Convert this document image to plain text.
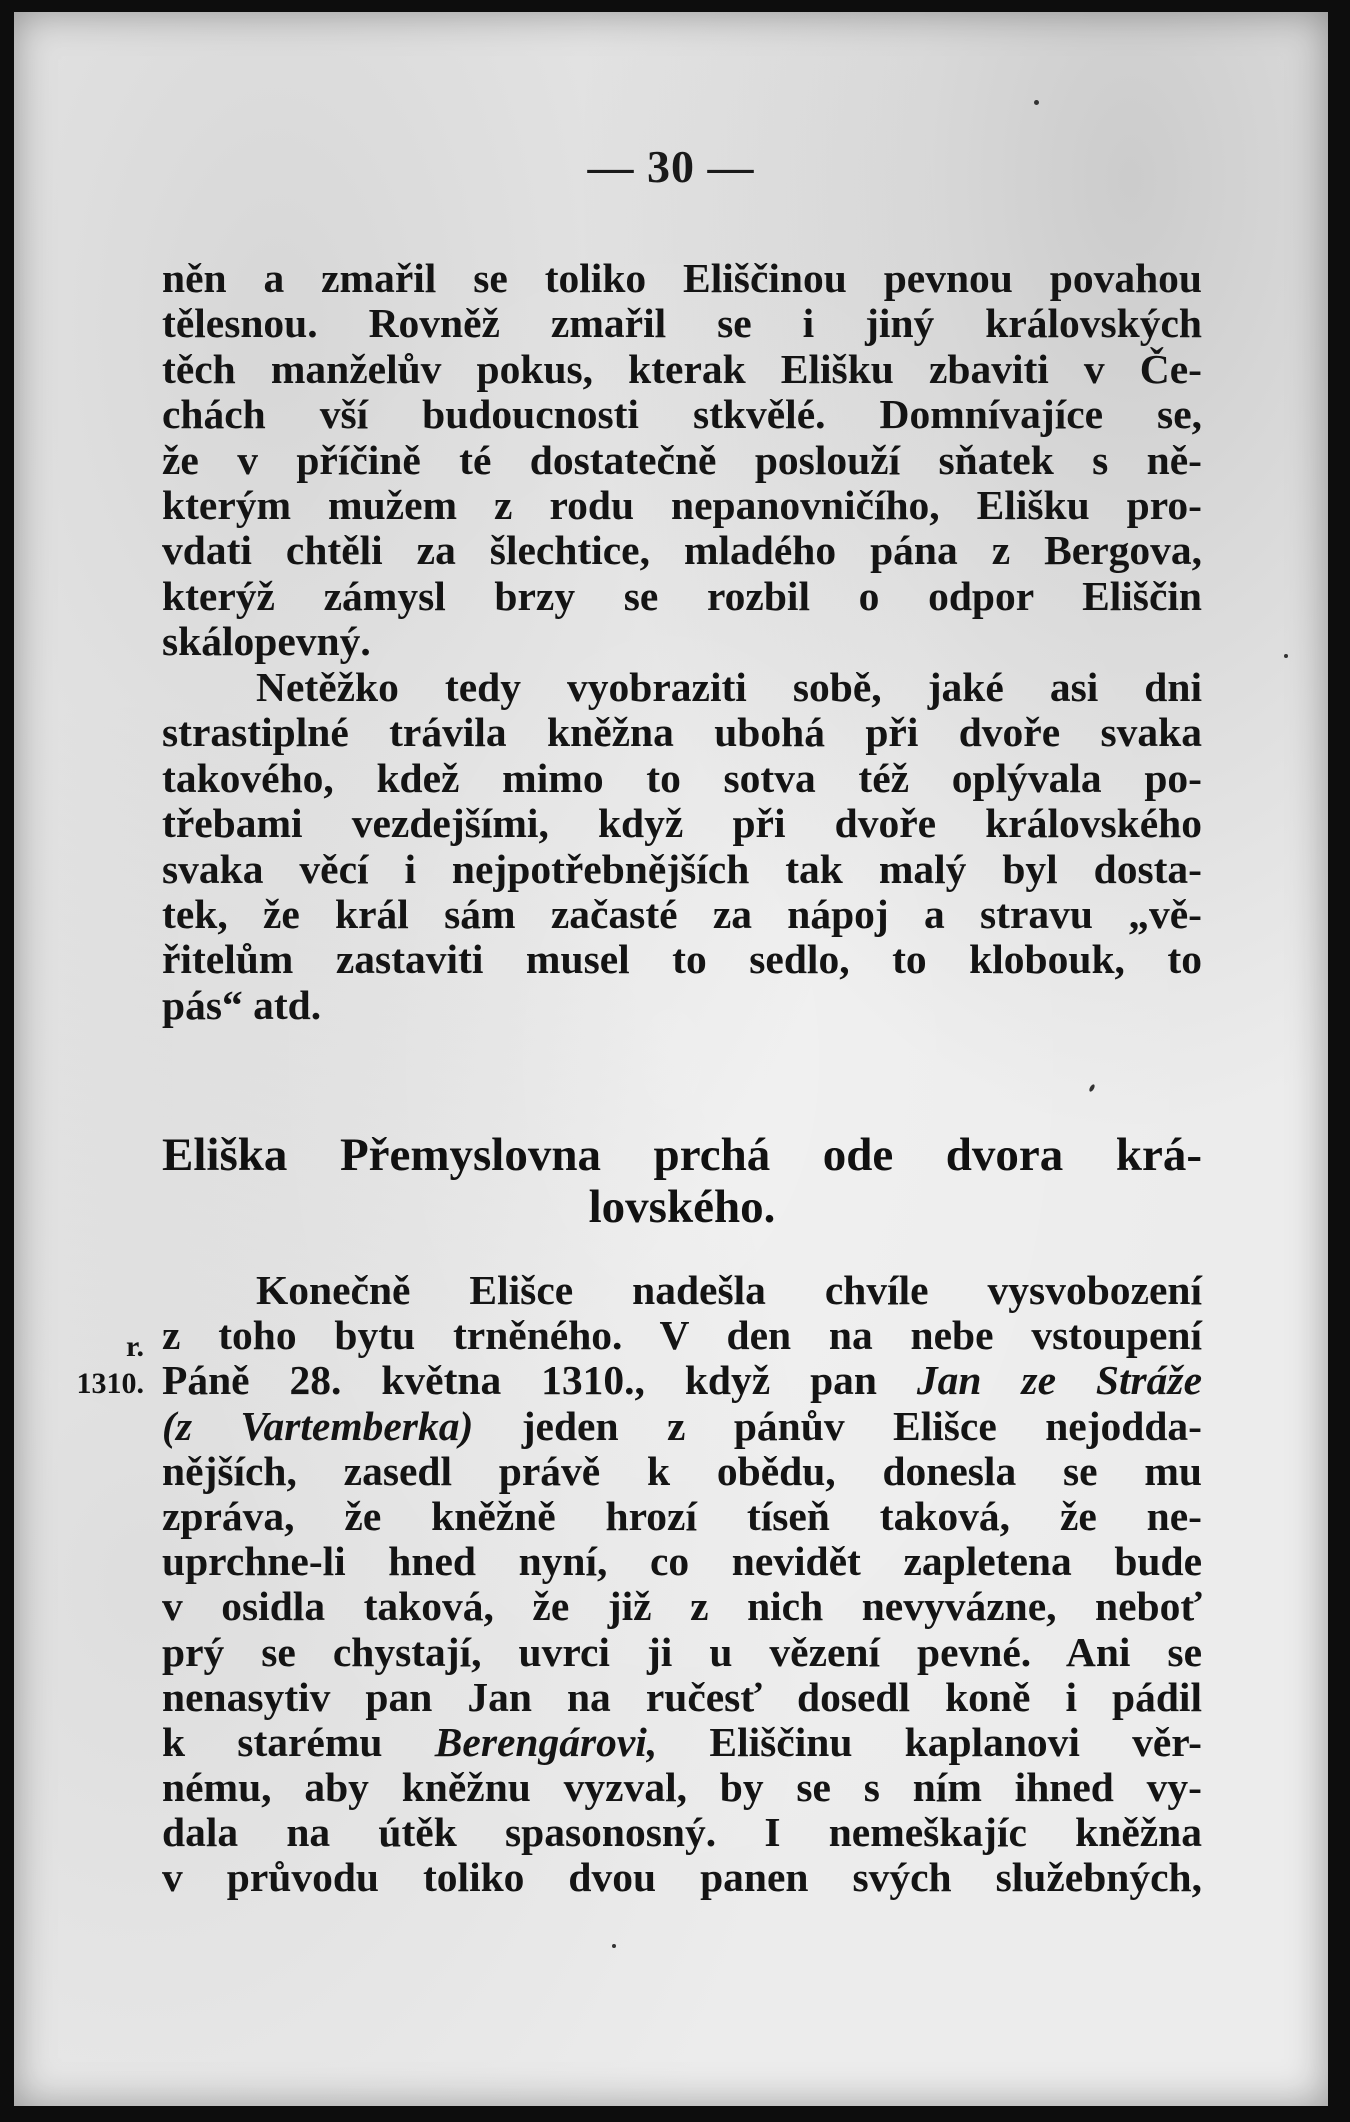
— 30 —
něn a zmařil se toliko Eliščinou pevnou povahou
tělesnou. Rovněž zmařil se i jiný královských
těch manželův pokus, kterak Elišku zbaviti v Če-
chách vší budoucnosti stkvělé. Domnívajíce se,
že v příčině té dostatečně poslouží sňatek s ně-
kterým mužem z rodu nepanovničího, Elišku pro-
vdati chtěli za šlechtice, mladého pána z Bergova,
kterýž zámysl brzy se rozbil o odpor Eliščin
skálopevný.
Netěžko tedy vyobraziti sobě, jaké asi dni
strastiplné trávila kněžna ubohá při dvoře svaka
takového, kdež mimo to sotva též oplývala po-
třebami vezdejšími, když při dvoře královského
svaka věcí i nejpotřebnějších tak malý byl dosta-
tek, že král sám začasté za nápoj a stravu „vě-
řitelům zastaviti musel to sedlo, to klobouk, to
pás“ atd.
Eliška Přemyslovna prchá ode dvora krá-
lovského.
r.
1310.
Konečně Elišce nadešla chvíle vysvobození
z toho bytu trněného. V den na nebe vstoupení
Páně 28. května 1310., když pan Jan ze Stráže
(z Vartemberka) jeden z pánův Elišce nejodda-
nějších, zasedl právě k obědu, donesla se mu
zpráva, že kněžně hrozí tíseň taková, že ne-
uprchne-li hned nyní, co nevidět zapletena bude
v osidla taková, že již z nich nevyvázne, neboť
prý se chystají, uvrci ji u vězení pevné. Ani se
nenasytiv pan Jan na ručesť dosedl koně i pádil
k starému Berengárovi, Eliščinu kaplanovi věr-
nému, aby kněžnu vyzval, by se s ním ihned vy-
dala na útěk spasonosný. I nemeškajíc kněžna
v průvodu toliko dvou panen svých služebných,
